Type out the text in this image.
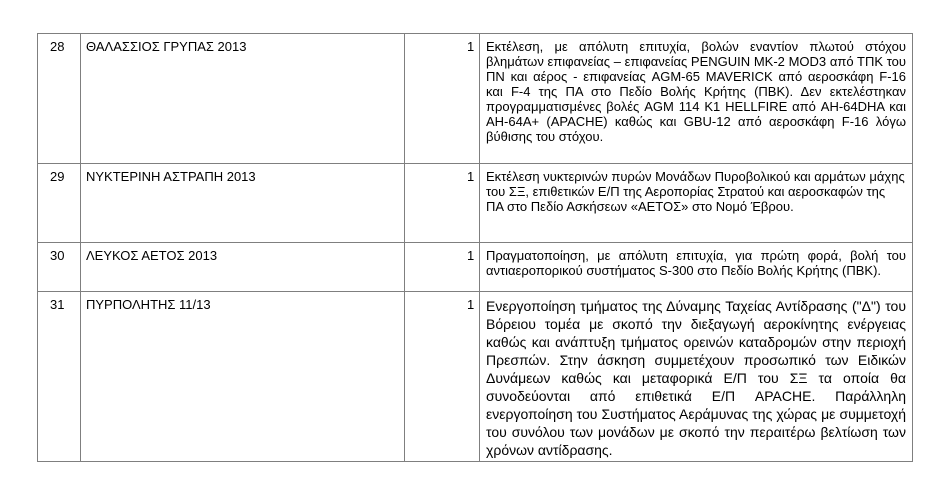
28	ΘΑΛΑΣΣΙΟΣ ΓΡΥΠΑΣ 2013	1	Εκτέλεση, με απόλυτη επιτυχία, βολών εναντίον πλωτού στόχου βλημάτων επιφανείας – επιφανείας PENGUIN MK-2 MOD3 από ΤΠΚ του ΠΝ και αέρος - επιφανείας AGM-65 MAVERICK από αεροσκάφη F-16 και F-4 της ΠΑ στο Πεδίο Βολής Κρήτης (ΠΒΚ). Δεν εκτελέστηκαν προγραμματισμένες βολές AGM 114 K1 HELLFIRE από AH-64DHA και AH-64A+ (APACHE) καθώς και GBU-12 από αεροσκάφη F-16 λόγω βύθισης του στόχου.

29	ΝΥΚΤΕΡΙΝΗ ΑΣΤΡΑΠΗ 2013	1	Εκτέλεση νυκτερινών πυρών Μονάδων Πυροβολικού και αρμάτων μάχης του ΣΞ, επιθετικών Ε/Π της Αεροπορίας Στρατού και αεροσκαφών της ΠΑ στο Πεδίο Ασκήσεων «ΑΕΤΟΣ» στο Νομό Έβρου.

30	ΛΕΥΚΟΣ ΑΕΤΟΣ 2013	1	Πραγματοποίηση, με απόλυτη επιτυχία, για πρώτη φορά, βολή του αντιαεροπορικού συστήματος S-300 στο Πεδίο Βολής Κρήτης (ΠΒΚ).

31	ΠΥΡΠΟΛΗΤΗΣ 11/13	1	Ενεργοποίηση τμήματος της Δύναμης Ταχείας Αντίδρασης ("Δ") του Βόρειου τομέα με σκοπό την διεξαγωγή αεροκίνητης ενέργειας καθώς και ανάπτυξη τμήματος ορεινών καταδρομών στην περιοχή Πρεσπών. Στην άσκηση συμμετέχουν προσωπικό των Ειδικών Δυνάμεων καθώς και μεταφορικά Ε/Π του ΣΞ τα οποία θα συνοδεύονται από επιθετικά Ε/Π APACHE. Παράλληλη ενεργοποίηση του Συστήματος Αεράμυνας της χώρας με συμμετοχή του συνόλου των μονάδων με σκοπό την περαιτέρω βελτίωση των χρόνων αντίδρασης.
